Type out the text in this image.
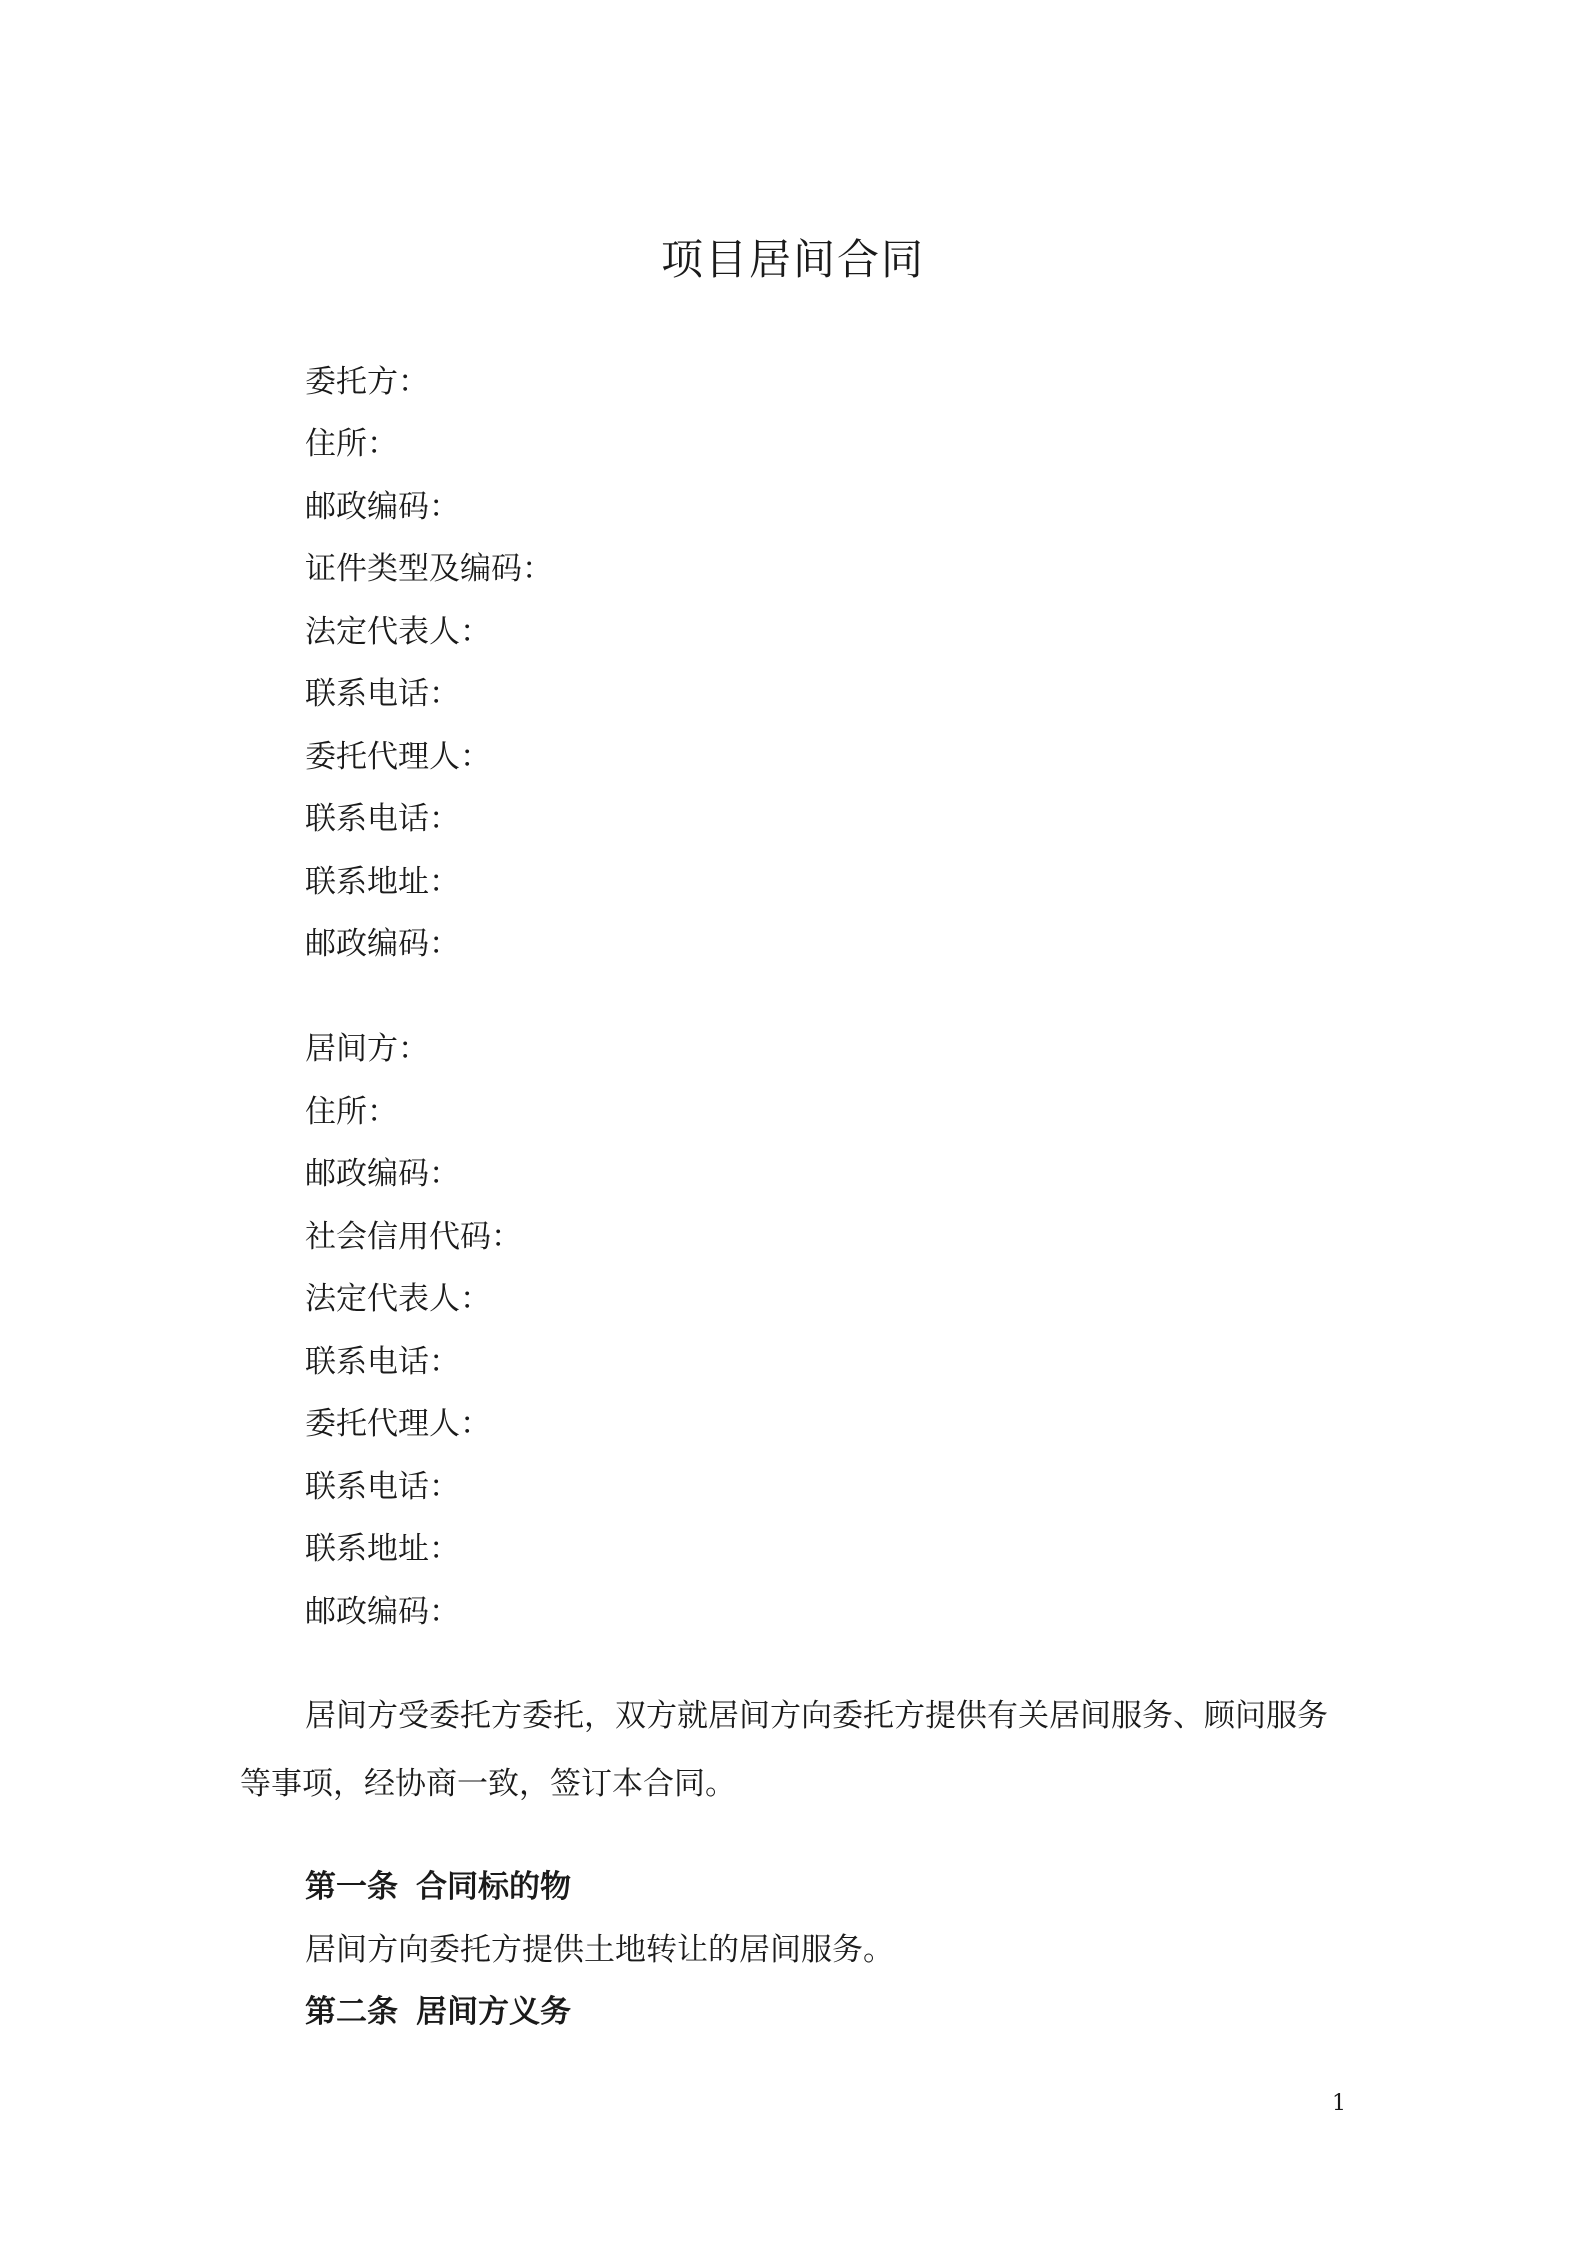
项目居间合同
委托方：
住所：
邮政编码：
证件类型及编码：
法定代表人：
联系电话：
委托代理人：
联系电话：
联系地址：
邮政编码：
居间方：
住所：
邮政编码：
社会信用代码：
法定代表人：
联系电话：
委托代理人：
联系电话：
联系地址：
邮政编码：
居间方受委托方委托，双方就居间方向委托方提供有关居间服务、顾问服务
等事项，经协商一致，签订本合同。
第一条 合同标的物
居间方向委托方提供土地转让的居间服务。
第二条 居间方义务
1
